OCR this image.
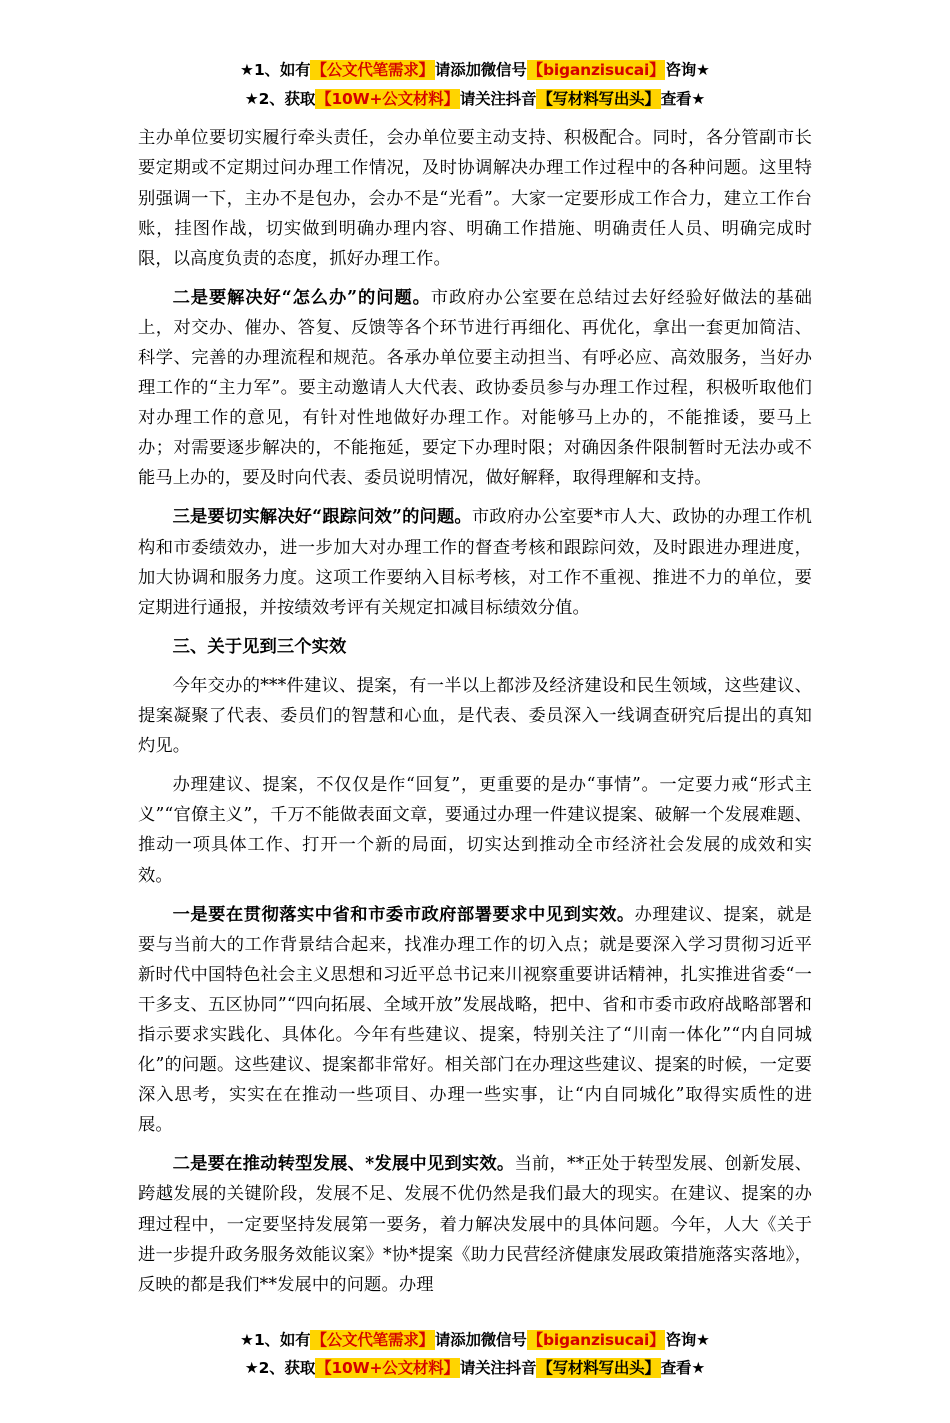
★1、如有【公文代笔需求】请添加微信号【biganzisucai】咨询★
★2、获取【10W+公文材料】请关注抖音【写材料写出头】查看★

主办单位要切实履行牵头责任，会办单位要主动支持、积极配合。同时，各分管副市长要定期或不定期过问办理工作情况，及时协调解决办理工作过程中的各种问题。这里特别强调一下，主办不是包办，会办不是“光看”。大家一定要形成工作合力，建立工作台账，挂图作战，切实做到明确办理内容、明确工作措施、明确责任人员、明确完成时限，以高度负责的态度，抓好办理工作。

二是要解决好“怎么办”的问题。市政府办公室要在总结过去好经验好做法的基础上，对交办、催办、答复、反馈等各个环节进行再细化、再优化，拿出一套更加简洁、科学、完善的办理流程和规范。各承办单位要主动担当、有呼必应、高效服务，当好办理工作的“主力军”。要主动邀请人大代表、政协委员参与办理工作过程，积极听取他们对办理工作的意见，有针对性地做好办理工作。对能够马上办的，不能推诿，要马上办；对需要逐步解决的，不能拖延，要定下办理时限；对确因条件限制暂时无法办或不能马上办的，要及时向代表、委员说明情况，做好解释，取得理解和支持。

三是要切实解决好“跟踪问效”的问题。市政府办公室要*市人大、政协的办理工作机构和市委绩效办，进一步加大对办理工作的督查考核和跟踪问效，及时跟进办理进度，加大协调和服务力度。这项工作要纳入目标考核，对工作不重视、推进不力的单位，要定期进行通报，并按绩效考评有关规定扣减目标绩效分值。

三、关于见到三个实效

今年交办的***件建议、提案，有一半以上都涉及经济建设和民生领域，这些建议、提案凝聚了代表、委员们的智慧和心血，是代表、委员深入一线调查研究后提出的真知灼见。

办理建议、提案，不仅仅是作“回复”，更重要的是办“事情”。一定要力戒“形式主义”“官僚主义”，千万不能做表面文章，要通过办理一件建议提案、破解一个发展难题、推动一项具体工作、打开一个新的局面，切实达到推动全市经济社会发展的成效和实效。

一是要在贯彻落实中省和市委市政府部署要求中见到实效。办理建议、提案，就是要与当前大的工作背景结合起来，找准办理工作的切入点；就是要深入学习贯彻习近平新时代中国特色社会主义思想和习近平总书记来川视察重要讲话精神，扎实推进省委“一干多支、五区协同”“四向拓展、全域开放”发展战略，把中、省和市委市政府战略部署和指示要求实践化、具体化。今年有些建议、提案，特别关注了“川南一体化”“内自同城化”的问题。这些建议、提案都非常好。相关部门在办理这些建议、提案的时候，一定要深入思考，实实在在推动一些项目、办理一些实事，让“内自同城化”取得实质性的进展。

二是要在推动转型发展、*发展中见到实效。当前，**正处于转型发展、创新发展、跨越发展的关键阶段，发展不足、发展不优仍然是我们最大的现实。在建议、提案的办理过程中，一定要坚持发展第一要务，着力解决发展中的具体问题。今年，人大《关于进一步提升政务服务效能议案》*协*提案《助力民营经济健康发展政策措施落实落地》，反映的都是我们**发展中的问题。办理

★1、如有【公文代笔需求】请添加微信号【biganzisucai】咨询★
★2、获取【10W+公文材料】请关注抖音【写材料写出头】查看★
